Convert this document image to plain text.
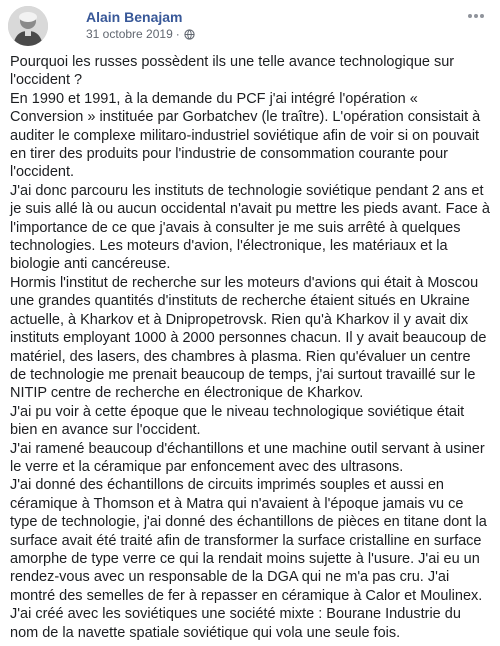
Alain Benajam
31 octobre 2019 ·

Pourquoi les russes possèdent ils une telle avance technologique sur l'occident ?

En 1990 et 1991, à la demande du PCF j'ai intégré l'opération « Conversion » instituée par Gorbatchev (le traître). L'opération consistait à auditer le complexe militaro-industriel soviétique afin de voir si on pouvait en tirer des produits pour l'industrie de consommation courante pour l'occident.

J'ai donc parcouru les instituts de technologie soviétique pendant 2 ans et je suis allé là ou aucun occidental n'avait pu mettre les pieds avant. Face à l'importance de ce que j'avais à consulter je me suis arrêté à quelques technologies. Les moteurs d'avion, l'électronique, les matériaux et la biologie anti cancéreuse.

Hormis l'institut de recherche sur les moteurs d'avions qui était à Moscou une grandes quantités d'instituts de recherche étaient situés en Ukraine actuelle, à Kharkov et à Dnipropetrovsk. Rien qu'à Kharkov il y avait dix instituts employant 1000 à 2000 personnes chacun. Il y avait beaucoup de matériel, des lasers, des chambres à plasma. Rien qu'évaluer un centre de technologie me prenait beaucoup de temps, j'ai surtout travaillé sur le NITIP centre de recherche en électronique de Kharkov.

J'ai pu voir à cette époque que le niveau technologique soviétique était bien en avance sur l'occident.

J'ai ramené beaucoup d'échantillons et une machine outil servant à usiner le verre et la céramique par enfoncement avec des ultrasons.

J'ai donné des échantillons de circuits imprimés souples et aussi en céramique à Thomson et à Matra qui n'avaient à l'époque jamais vu ce type de technologie, j'ai donné des échantillons de pièces en titane dont la surface avait été traité afin de transformer la surface cristalline en surface amorphe de type verre ce qui la rendait moins sujette à l'usure. J'ai eu un rendez-vous avec un responsable de la DGA qui ne m'a pas cru. J'ai montré des semelles de fer à repasser en céramique à Calor et Moulinex. J'ai créé avec les soviétiques une société mixte : Bourane Industrie du nom de la navette spatiale soviétique qui vola une seule fois.
